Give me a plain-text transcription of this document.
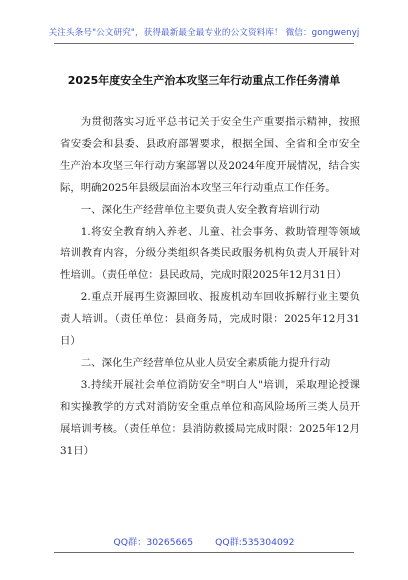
关注头条号"公文研究"，获得最新最全最专业的公文资料库！ 微信：gongwenyj
2025年度安全生产治本攻坚三年行动重点工作任务清单

为贯彻落实习近平总书记关于安全生产重要指示精神，按照省安委会和县委、县政府部署要求，根据全国、全省和全市安全生产治本攻坚三年行动方案部署以及2024年度开展情况，结合实际，明确2025年县级层面治本攻坚三年行动重点工作任务。

一、深化生产经营单位主要负责人安全教育培训行动

1.将安全教育纳入养老、儿童、社会事务、救助管理等领域培训教育内容，分级分类组织各类民政服务机构负责人开展针对性培训。（责任单位：县民政局，完成时限2025年12月31日）

2.重点开展再生资源回收、报废机动车回收拆解行业主要负责人培训。（责任单位：县商务局，完成时限：2025年12月31日）

二、深化生产经营单位从业人员安全素质能力提升行动

3.持续开展社会单位消防安全"明白人"培训，采取理论授课和实操教学的方式对消防安全重点单位和高风险场所三类人员开展培训考核。（责任单位：县消防救援局完成时限：2025年12月31日）

QQ群：30265665 QQ群:535304092
